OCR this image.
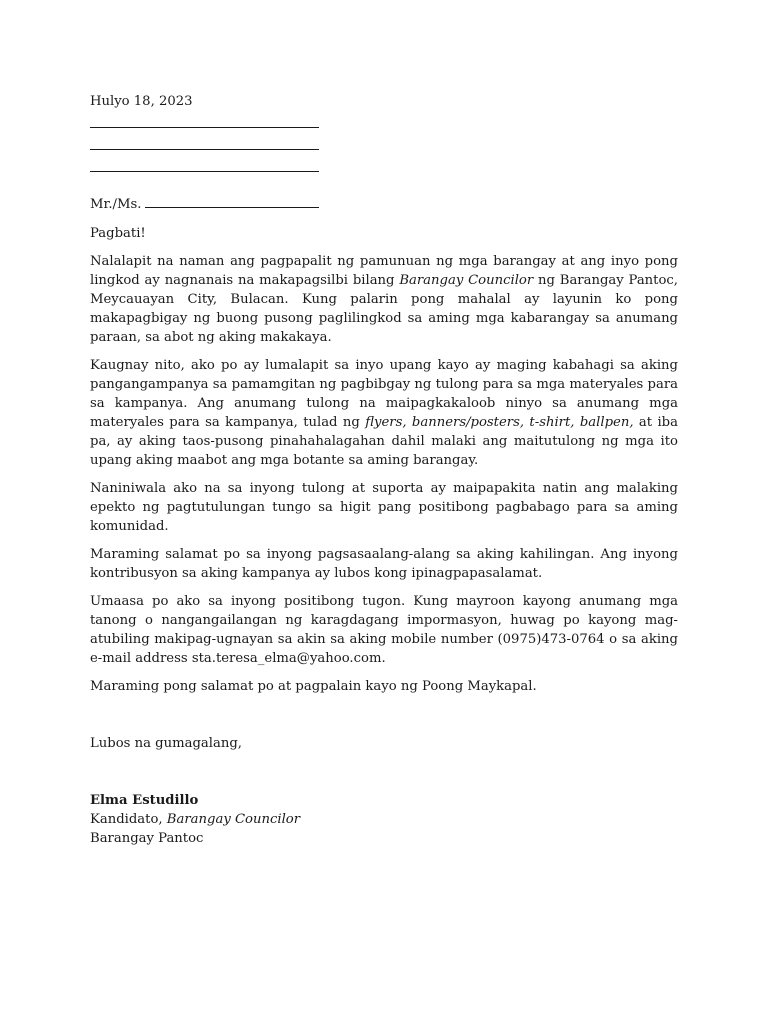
Hulyo 18, 2023

Mr./Ms.

Pagbati!

Nalalapit na naman ang pagpapalit ng pamunuan ng mga barangay at ang inyo pong lingkod ay nagnanais na makapagsilbi bilang Barangay Councilor ng Barangay Pantoc, Meycauayan City, Bulacan. Kung palarin pong mahalal ay layunin ko pong makapagbigay ng buong pusong paglilingkod sa aming mga kabarangay sa anumang paraan, sa abot ng aking makakaya.

Kaugnay nito, ako po ay lumalapit sa inyo upang kayo ay maging kabahagi sa aking pangangampanya sa pamamgitan ng pagbibgay ng tulong para sa mga materyales para sa kampanya. Ang anumang tulong na maipagkakaloob ninyo sa anumang mga materyales para sa kampanya, tulad ng flyers, banners/posters, t-shirt, ballpen, at iba pa, ay aking taos-pusong pinahahalagahan dahil malaki ang maitutulong ng mga ito upang aking maabot ang mga botante sa aming barangay.

Naniniwala ako na sa inyong tulong at suporta ay maipapakita natin ang malaking epekto ng pagtutulungan tungo sa higit pang positibong pagbabago para sa aming komunidad.

Maraming salamat po sa inyong pagsasaalang-alang sa aking kahilingan. Ang inyong kontribusyon sa aking kampanya ay lubos kong ipinagpapasalamat.

Umaasa po ako sa inyong positibong tugon. Kung mayroon kayong anumang mga tanong o nangangailangan ng karagdagang impormasyon, huwag po kayong mag-atubiling makipag-ugnayan sa akin sa aking mobile number (0975)473-0764 o sa aking e-mail address sta.teresa_elma@yahoo.com.

Maraming pong salamat po at pagpalain kayo ng Poong Maykapal.

Lubos na gumagalang,

Elma Estudillo

Kandidato, Barangay Councilor

Barangay Pantoc
